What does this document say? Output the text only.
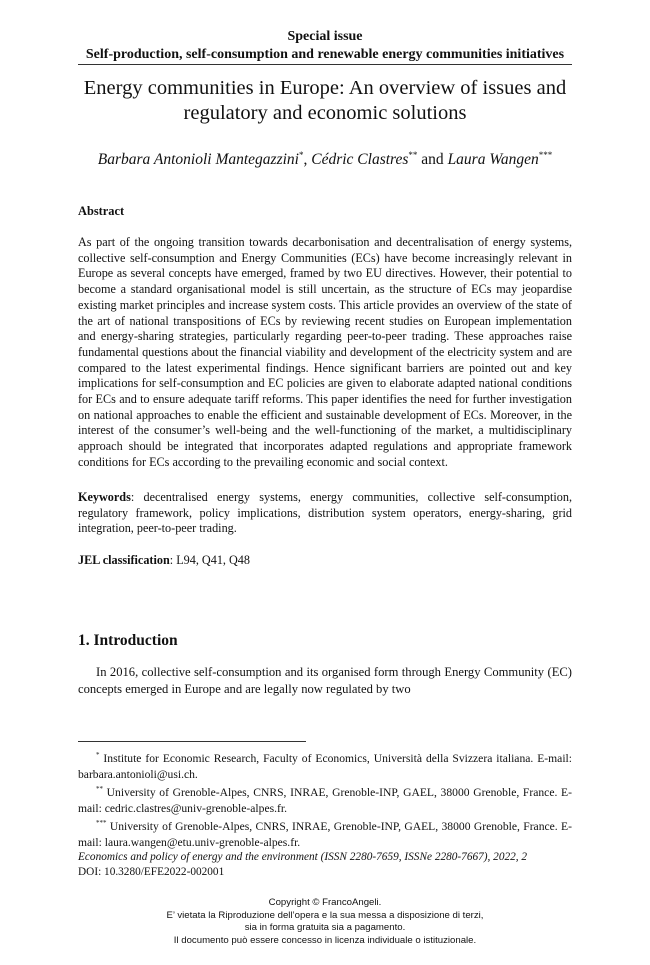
Special issue
Self-production, self-consumption and renewable energy communities initiatives
Energy communities in Europe: An overview of issues and regulatory and economic solutions
Barbara Antonioli Mantegazzini*, Cédric Clastres** and Laura Wangen***
Abstract
As part of the ongoing transition towards decarbonisation and decentralisation of energy systems, collective self-consumption and Energy Communities (ECs) have become increasingly relevant in Europe as several concepts have emerged, framed by two EU directives. However, their potential to become a standard organisational model is still uncertain, as the structure of ECs may jeopardise existing market principles and increase system costs. This article provides an overview of the state of the art of national transpositions of ECs by reviewing recent studies on European implementation and energy-sharing strategies, particularly regarding peer-to-peer trading. These approaches raise fundamental questions about the financial viability and development of the electricity system and are compared to the latest experimental findings. Hence significant barriers are pointed out and key implications for self-consumption and EC policies are given to elaborate adapted national conditions for ECs and to ensure adequate tariff reforms. This paper identifies the need for further investigation on national approaches to enable the efficient and sustainable development of ECs. Moreover, in the interest of the consumer’s well-being and the well-functioning of the market, a multidisciplinary approach should be integrated that incorporates adapted regulations and appropriate framework conditions for ECs according to the prevailing economic and social context.
Keywords: decentralised energy systems, energy communities, collective self-consumption, regulatory framework, policy implications, distribution system operators, energy-sharing, grid integration, peer-to-peer trading.
JEL classification: L94, Q41, Q48
1. Introduction
In 2016, collective self-consumption and its organised form through Energy Community (EC) concepts emerged in Europe and are legally now regulated by two

* Institute for Economic Research, Faculty of Economics, Università della Svizzera italiana. E-mail: barbara.antonioli@usi.ch.

** University of Grenoble-Alpes, CNRS, INRAE, Grenoble-INP, GAEL, 38000 Grenoble, France. E-mail: cedric.clastres@univ-grenoble-alpes.fr.

*** University of Grenoble-Alpes, CNRS, INRAE, Grenoble-INP, GAEL, 38000 Grenoble, France. E-mail: laura.wangen@etu.univ-grenoble-alpes.fr.

Economics and policy of energy and the environment (ISSN 2280-7659, ISSNe 2280-7667), 2022, 2
DOI: 10.3280/EFE2022-002001
Copyright © FrancoAngeli.
E’ vietata la Riproduzione dell’opera e la sua messa a disposizione di terzi,
sia in forma gratuita sia a pagamento.
Il documento può essere concesso in licenza individuale o istituzionale.
